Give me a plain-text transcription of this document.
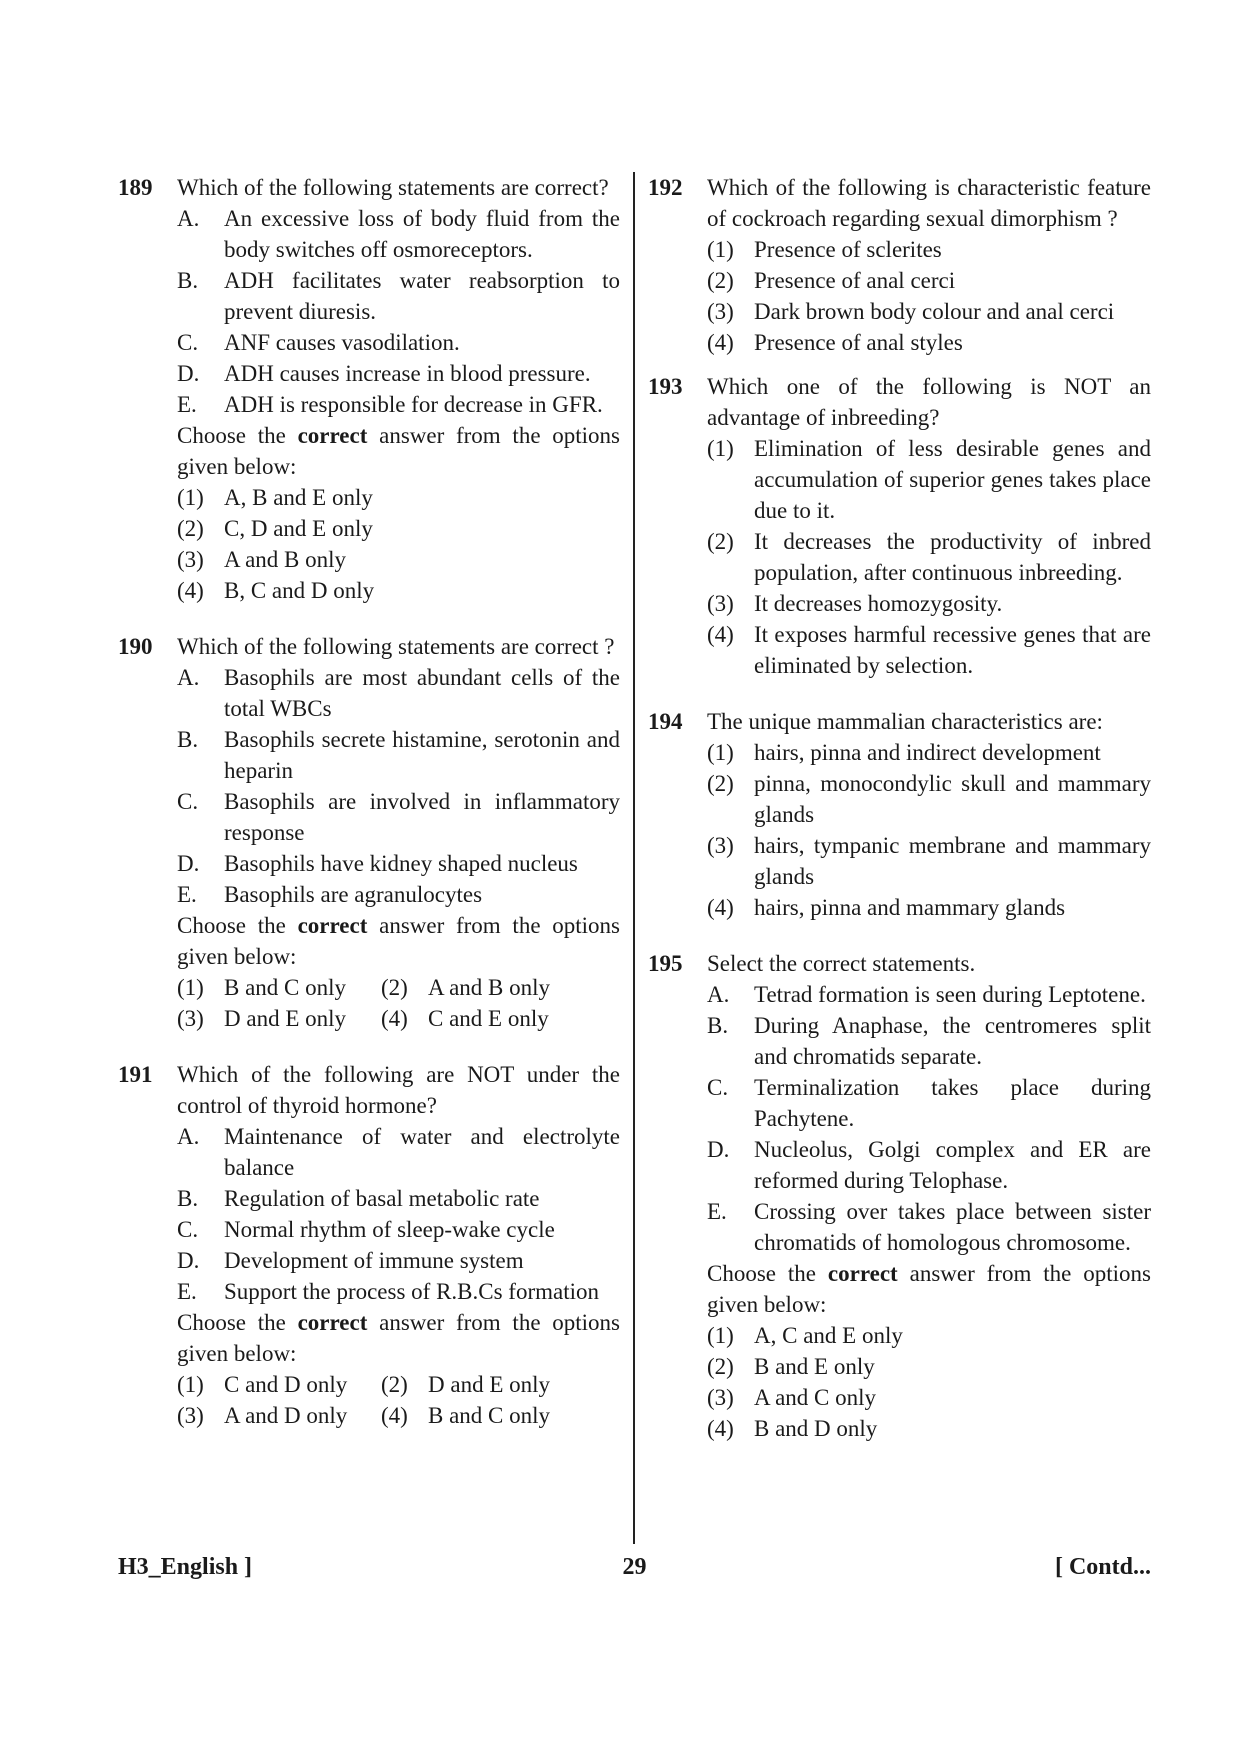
189 Which of the following statements are correct?
A.	An excessive loss of body fluid from the body switches off osmoreceptors.
B.	ADH facilitates water reabsorption to prevent diuresis.
C.	ANF causes vasodilation.
D.	ADH causes increase in blood pressure.
E.	ADH is responsible for decrease in GFR.
Choose the correct answer from the options given below:
(1) A, B and E only
(2) C, D and E only
(3) A and B only
(4) B, C and D only
190 Which of the following statements are correct ?
A.	Basophils are most abundant cells of the total WBCs
B.	Basophils secrete histamine, serotonin and heparin
C.	Basophils are involved in inflammatory response
D.	Basophils have kidney shaped nucleus
E.	Basophils are agranulocytes
Choose the correct answer from the options given below:
(1) B and C only	(2) A and B only
(3) D and E only	(4) C and E only
191 Which of the following are NOT under the control of thyroid hormone?
A.	Maintenance of water and electrolyte balance
B.	Regulation of basal metabolic rate
C.	Normal rhythm of sleep-wake cycle
D.	Development of immune system
E.	Support the process of R.B.Cs formation
Choose the correct answer from the options given below:
(1) C and D only	(2) D and E only
(3) A and D only	(4) B and C only
192 Which of the following is characteristic feature of cockroach regarding sexual dimorphism ?
(1) Presence of sclerites
(2) Presence of anal cerci
(3) Dark brown body colour and anal cerci
(4) Presence of anal styles
193 Which one of the following is NOT an advantage of inbreeding?
(1) Elimination of less desirable genes and accumulation of superior genes takes place due to it.
(2) It decreases the productivity of inbred population, after continuous inbreeding.
(3) It decreases homozygosity.
(4) It exposes harmful recessive genes that are eliminated by selection.
194 The unique mammalian characteristics are:
(1) hairs, pinna and indirect development
(2) pinna, monocondylic skull and mammary glands
(3) hairs, tympanic membrane and mammary glands
(4) hairs, pinna and mammary glands
195 Select the correct statements.
A.	Tetrad formation is seen during Leptotene.
B.	During Anaphase, the centromeres split and chromatids separate.
C.	Terminalization takes place during Pachytene.
D.	Nucleolus, Golgi complex and ER are reformed during Telophase.
E.	Crossing over takes place between sister chromatids of homologous chromosome.
Choose the correct answer from the options given below:
(1) A, C and E only
(2) B and E only
(3) A and C only
(4) B and D only
H3_English ]	29	[ Contd...
